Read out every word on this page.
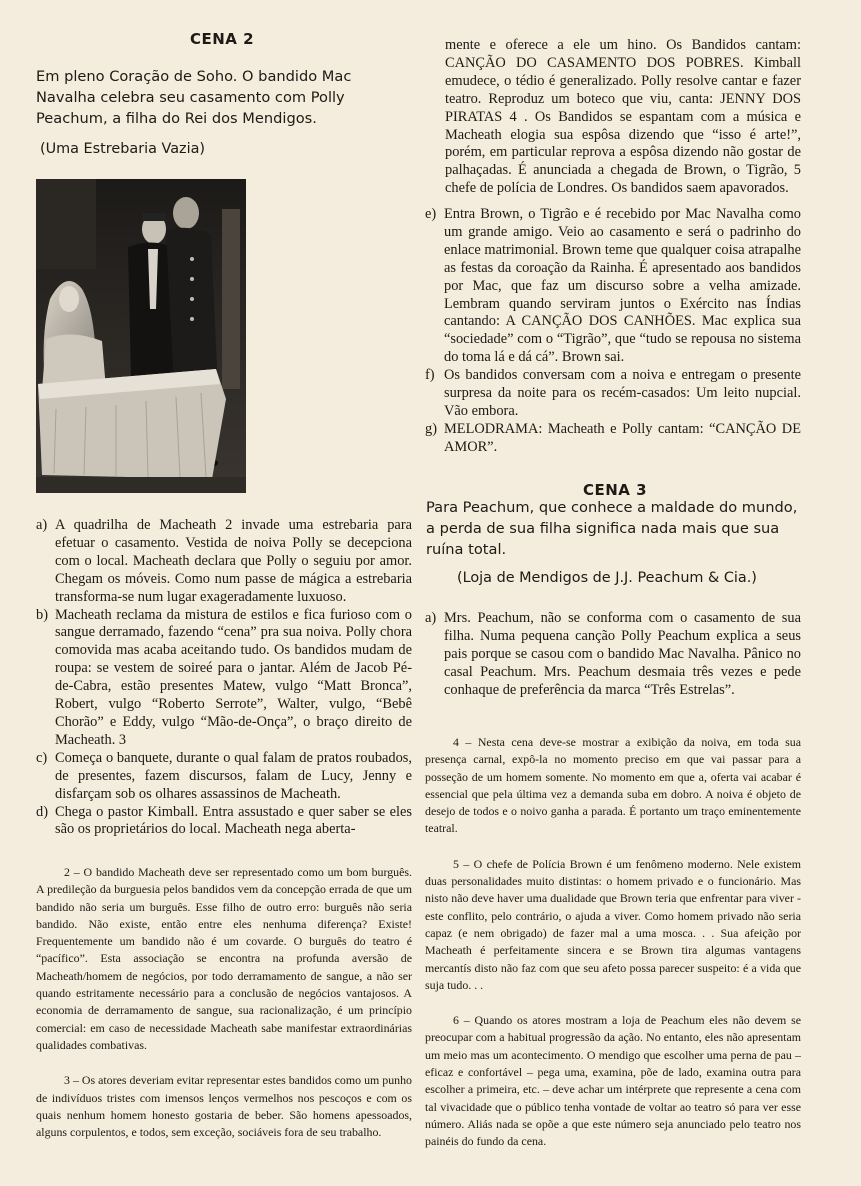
CENA 2

Em pleno Coração de Soho. O bandido Mac Navalha celebra seu casamento com Polly Peachum, a filha do Rei dos Mendigos.

(Uma Estrebaria Vazia)

a) A quadrilha de Macheath 2 invade uma estrebaria para efetuar o casamento. Vestida de noiva Polly se decepciona com o local. Macheath declara que Polly o seguiu por amor. Chegam os móveis. Como num passe de mágica a estrebaria transforma-se num lugar exageradamente luxuoso.
b) Macheath reclama da mistura de estilos e fica furioso com o sangue derramado, fazendo “cena” pra sua noiva. Polly chora comovida mas acaba aceitando tudo. Os bandidos mudam de roupa: se vestem de soireé para o jantar. Além de Jacob Pé-de-Cabra, estão presentes Matew, vulgo “Matt Bronca”, Robert, vulgo “Roberto Serrote”, Walter, vulgo, “Bebê Chorão” e Eddy, vulgo “Mão-de-Onça”, o braço direito de Macheath. 3
c) Começa o banquete, durante o qual falam de pratos roubados, de presentes, fazem discursos, falam de Lucy, Jenny e disfarçam sob os olhares assassinos de Macheath.
d) Chega o pastor Kimball. Entra assustado e quer saber se eles são os proprietários do local. Macheath nega aberta-
2 – O bandido Macheath deve ser representado como um bom burguês. A predileção da burguesia pelos bandidos vem da concepção errada de que um bandido não seria um burguês. Esse filho de outro erro: burguês não seria bandido. Não existe, então entre eles nenhuma diferença? Existe! Frequentemente um bandido não é um covarde. O burguês do teatro é “pacífico”. Esta associação se encontra na profunda aversão de Macheath/homem de negócios, por todo derramamento de sangue, a não ser quando estritamente necessário para a conclusão de negócios vantajosos. A economia de derramamento de sangue, sua racionalização, é um princípio comercial: em caso de necessidade Macheath sabe manifestar extraordinárias qualidades combativas.
3 – Os atores deveriam evitar representar estes bandidos como um punho de indivíduos tristes com imensos lenços vermelhos nos pescoços e com os quais nenhum homem honesto gostaria de beber. São homens apessoados, alguns corpulentos, e todos, sem exceção, sociáveis fora de seu trabalho.

mente e oferece a ele um hino. Os Bandidos cantam: CANÇÃO DO CASAMENTO DOS POBRES. Kimball emudece, o tédio é generalizado. Polly resolve cantar e fazer teatro. Reproduz um boteco que viu, canta: JENNY DOS PIRATAS 4 . Os Bandidos se espantam com a música e Macheath elogia sua espôsa dizendo que “isso é arte!”, porém, em particular reprova a espôsa dizendo não gostar de palhaçadas. É anunciada a chegada de Brown, o Tigrão, 5 chefe de polícia de Londres. Os bandidos saem apavorados.

e) Entra Brown, o Tigrão e é recebido por Mac Navalha como um grande amigo. Veio ao casamento e será o padrinho do enlace matrimonial. Brown teme que qualquer coisa atrapalhe as festas da coroação da Rainha. É apresentado aos bandidos por Mac, que faz um discurso sobre a velha amizade. Lembram quando serviram juntos o Exército nas Índias cantando: A CANÇÃO DOS CANHÕES. Mac explica sua “sociedade” com o “Tigrão”, que “tudo se repousa no sistema do toma lá e dá cá”. Brown sai.
f) Os bandidos conversam com a noiva e entregam o presente surpresa da noite para os recém-casados: Um leito nupcial. Vão embora.
g) MELODRAMA: Macheath e Polly cantam: “CANÇÃO DE AMOR”.
CENA 3

Para Peachum, que conhece a maldade do mundo, a perda de sua filha significa nada mais que sua ruína total.

(Loja de Mendigos de J.J. Peachum & Cia.)

a) Mrs. Peachum, não se conforma com o casamento de sua filha. Numa pequena canção Polly Peachum explica a seus pais porque se casou com o bandido Mac Navalha. Pânico no casal Peachum. Mrs. Peachum desmaia três vezes e pede conhaque de preferência da marca “Três Estrelas”.
4 – Nesta cena deve-se mostrar a exibição da noiva, em toda sua presença carnal, expô-la no momento preciso em que vai passar para a posseção de um homem somente. No momento em que a, oferta vai acabar é essencial que pela última vez a demanda suba em dobro. A noiva é objeto de desejo de todos e o noivo ganha a parada. É portanto um traço eminentemente teatral.
5 – O chefe de Polícia Brown é um fenômeno moderno. Nele existem duas personalidades muito distintas: o homem privado e o funcionário. Mas nisto não deve haver uma dualidade que Brown teria que enfrentar para viver - este conflito, pelo contrário, o ajuda a viver. Como homem privado não seria capaz (e nem obrigado) de fazer mal a uma mosca. . . Sua afeição por Macheath é perfeitamente sincera e se Brown tira algumas vantagens mercantís disto não faz com que seu afeto possa parecer suspeito: é a vida que suja tudo. . .
6 – Quando os atores mostram a loja de Peachum eles não devem se preocupar com a habitual progressão da ação. No entanto, eles não apresentam um meio mas um acontecimento. O mendigo que escolher uma perna de pau – eficaz e confortável – pega uma, examina, põe de lado, examina outra para escolher a primeira, etc. – deve achar um intérprete que represente a cena com tal vivacidade que o público tenha vontade de voltar ao teatro só para ver esse número. Aliás nada se opõe a que este número seja anunciado pelo teatro nos painéis do fundo da cena.
